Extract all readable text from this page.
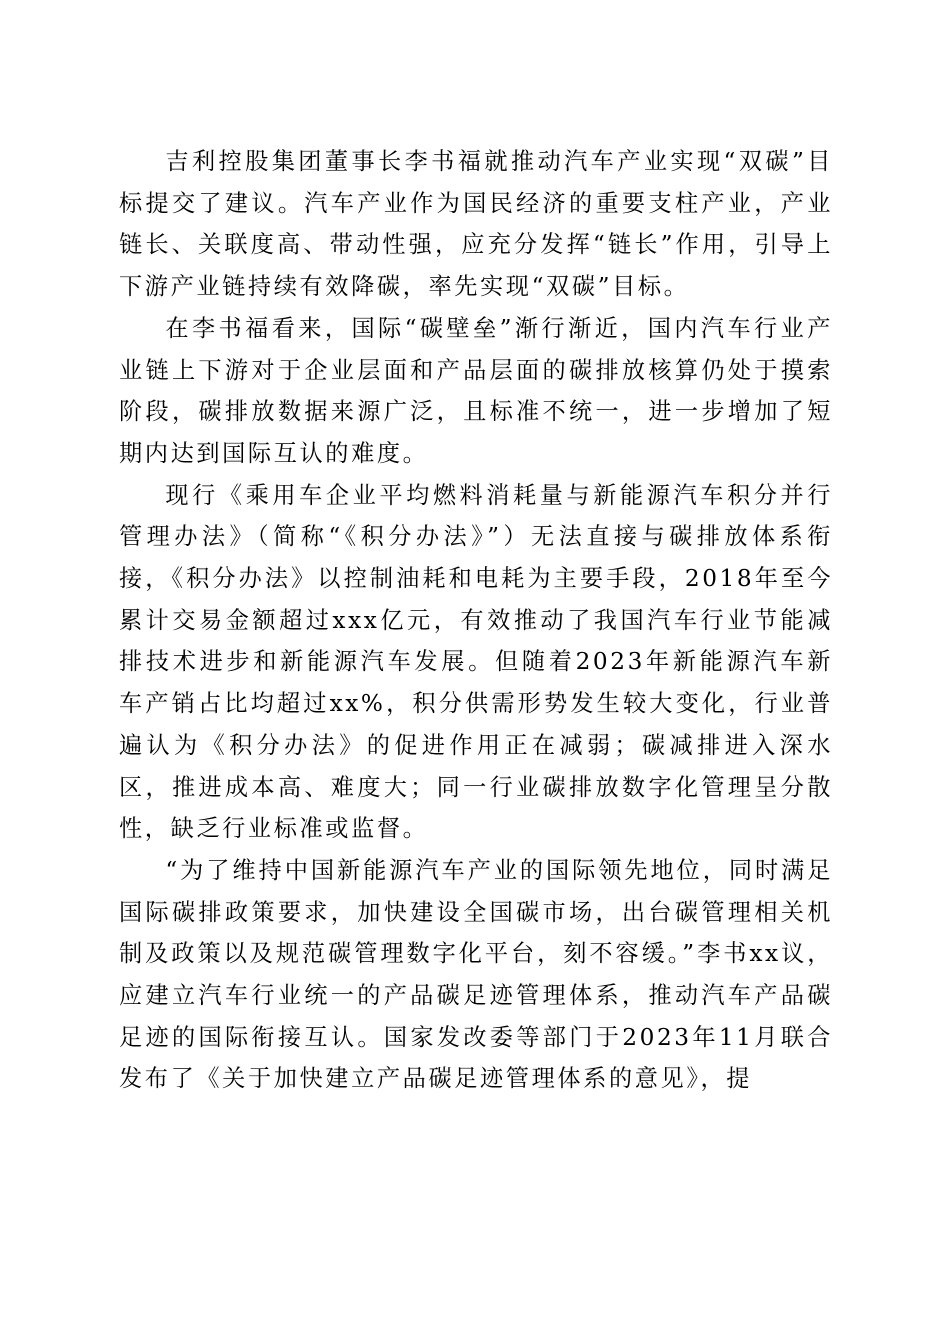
吉利控股集团董事长李书福就推动汽车产业实现“双碳”目标提交了建议。汽车产业作为国民经济的重要支柱产业，产业链长、关联度高、带动性强，应充分发挥“链长”作用，引导上下游产业链持续有效降碳，率先实现“双碳”目标。

在李书福看来，国际“碳壁垒”渐行渐近，国内汽车行业产业链上下游对于企业层面和产品层面的碳排放核算仍处于摸索阶段，碳排放数据来源广泛，且标准不统一，进一步增加了短期内达到国际互认的难度。

现行《乘用车企业平均燃料消耗量与新能源汽车积分并行管理办法》（简称“《积分办法》”）无法直接与碳排放体系衔接，《积分办法》以控制油耗和电耗为主要手段，2018年至今累计交易金额超过xxx亿元，有效推动了我国汽车行业节能减排技术进步和新能源汽车发展。但随着2023年新能源汽车新车产销占比均超过xx%，积分供需形势发生较大变化，行业普遍认为《积分办法》的促进作用正在减弱；碳减排进入深水区，推进成本高、难度大；同一行业碳排放数字化管理呈分散性，缺乏行业标准或监督。

“为了维持中国新能源汽车产业的国际领先地位，同时满足国际碳排政策要求，加快建设全国碳市场，出台碳管理相关机制及政策以及规范碳管理数字化平台，刻不容缓。”李书xx议，应建立汽车行业统一的产品碳足迹管理体系，推动汽车产品碳足迹的国际衔接互认。国家发改委等部门于2023年11月联合发布了《关于加快建立产品碳足迹管理体系的意见》，提
